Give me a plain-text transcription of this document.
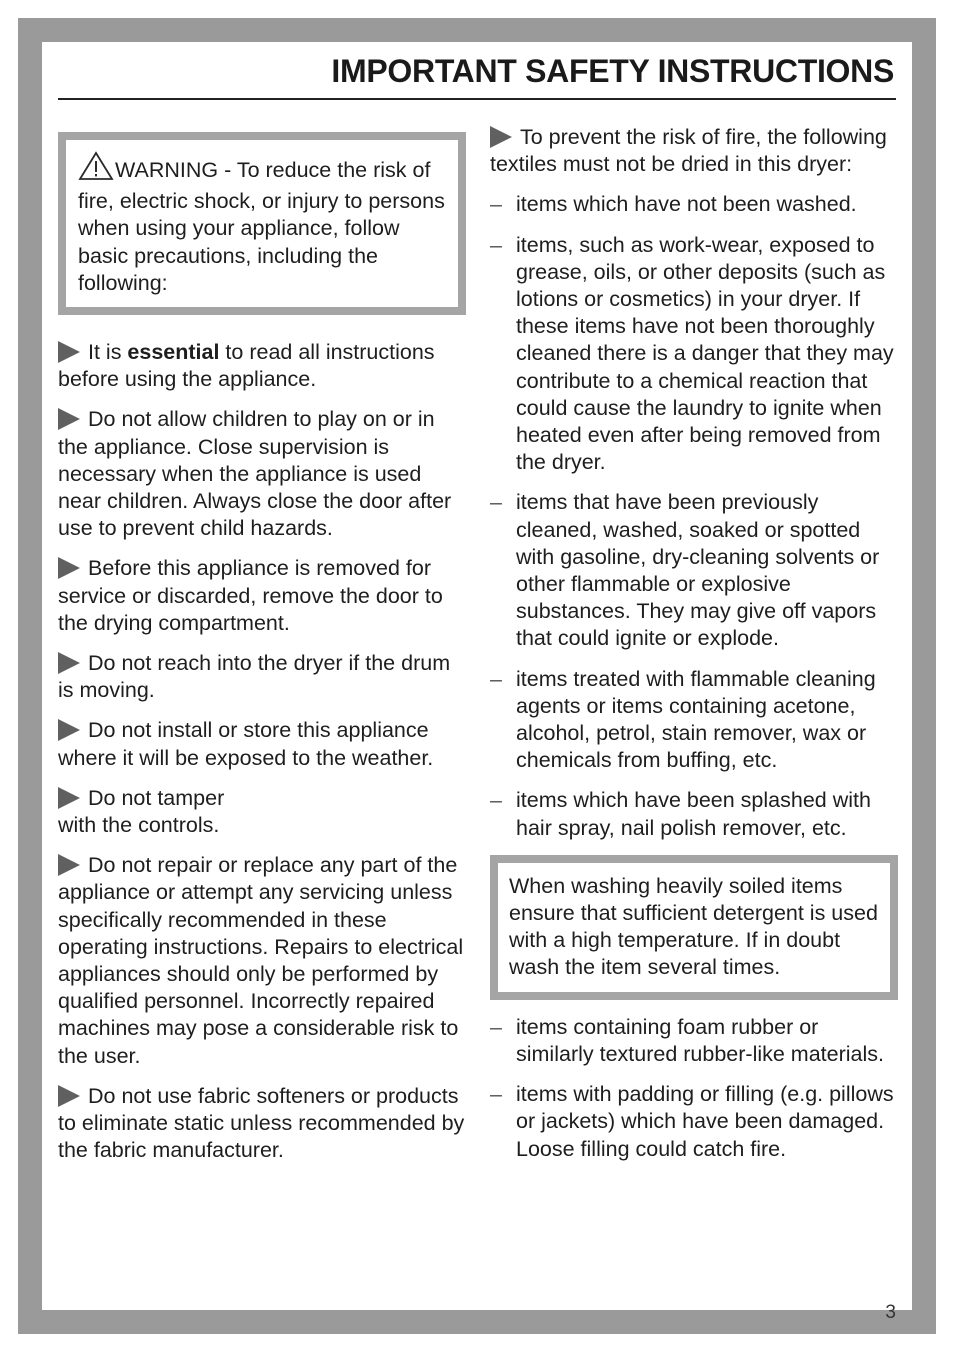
IMPORTANT SAFETY INSTRUCTIONS

WARNING - To reduce the risk of fire, electric shock, or injury to persons when using your appliance, follow basic precautions, including the following:

It is essential to read all instructions before using the appliance.

Do not allow children to play on or in the appliance. Close supervision is necessary when the appliance is used near children. Always close the door after use to prevent child hazards.

Before this appliance is removed for service or discarded, remove the door to the drying compartment.

Do not reach into the dryer if the drum is moving.

Do not install or store this appliance where it will be exposed to the weather.

Do not tamper
with the controls.

Do not repair or replace any part of the appliance or attempt any servicing unless specifically recommended in these operating instructions. Repairs to electrical appliances should only be performed by qualified personnel. Incorrectly repaired machines may pose a considerable risk to the user.

Do not use fabric softeners or products to eliminate static unless recommended by the fabric manufacturer.

To prevent the risk of fire, the following textiles must not be dried in this dryer:

– items which have not been washed.
– items, such as work-wear, exposed to grease, oils, or other deposits (such as lotions or cosmetics) in your dryer. If these items have not been thoroughly cleaned there is a danger that they may contribute to a chemical reaction that could cause the laundry to ignite when heated even after being removed from the dryer.
– items that have been previously cleaned, washed, soaked or spotted with gasoline, dry-cleaning solvents or other flammable or explosive substances. They may give off vapors that could ignite or explode.
– items treated with flammable cleaning agents or items containing acetone, alcohol, petrol, stain remover, wax or chemicals from buffing, etc.
– items which have been splashed with hair spray, nail polish remover, etc.

When washing heavily soiled items ensure that sufficient detergent is used with a high temperature. If in doubt wash the item several times.

– items containing foam rubber or similarly textured rubber-like materials.
– items with padding or filling (e.g. pillows or jackets) which have been damaged. Loose filling could catch fire.
3
